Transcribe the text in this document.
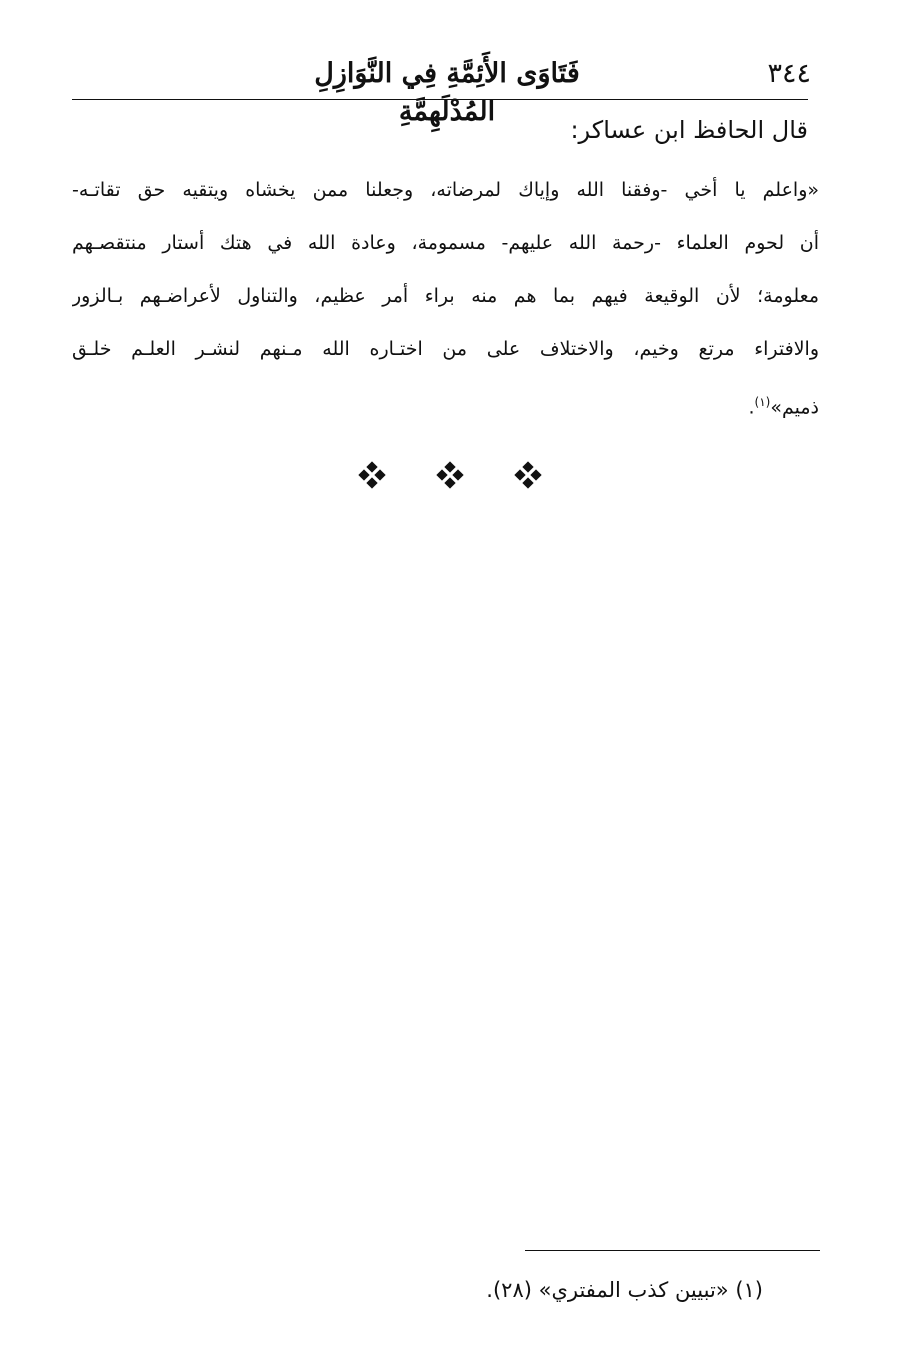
٣٤٤
فَتَاوَى الأَئِمَّةِ فِي النَّوَازِلِ المُدْلَهِمَّةِ
قال الحافظ ابن عساكر:
«واعلم يا أخي -وفقنا الله وإياك لمرضاته، وجعلنا ممن يخشاه ويتقيه حق تقاتـه-
أن لحوم العلماء -رحمة الله عليهم- مسمومة، وعادة الله في هتك أستار منتقصـهم
معلومة؛ لأن الوقيعة فيهم بما هم منه براء أمر عظيم، والتناول لأعراضـهم بـالزور
والافتراء مرتع وخيم، والاختلاف على من اختـاره الله مـنهم لنشـر العلـم خلـق
ذميم»$^{(١)}$.
(١) «تبيين كذب المفتري» (٢٨).
